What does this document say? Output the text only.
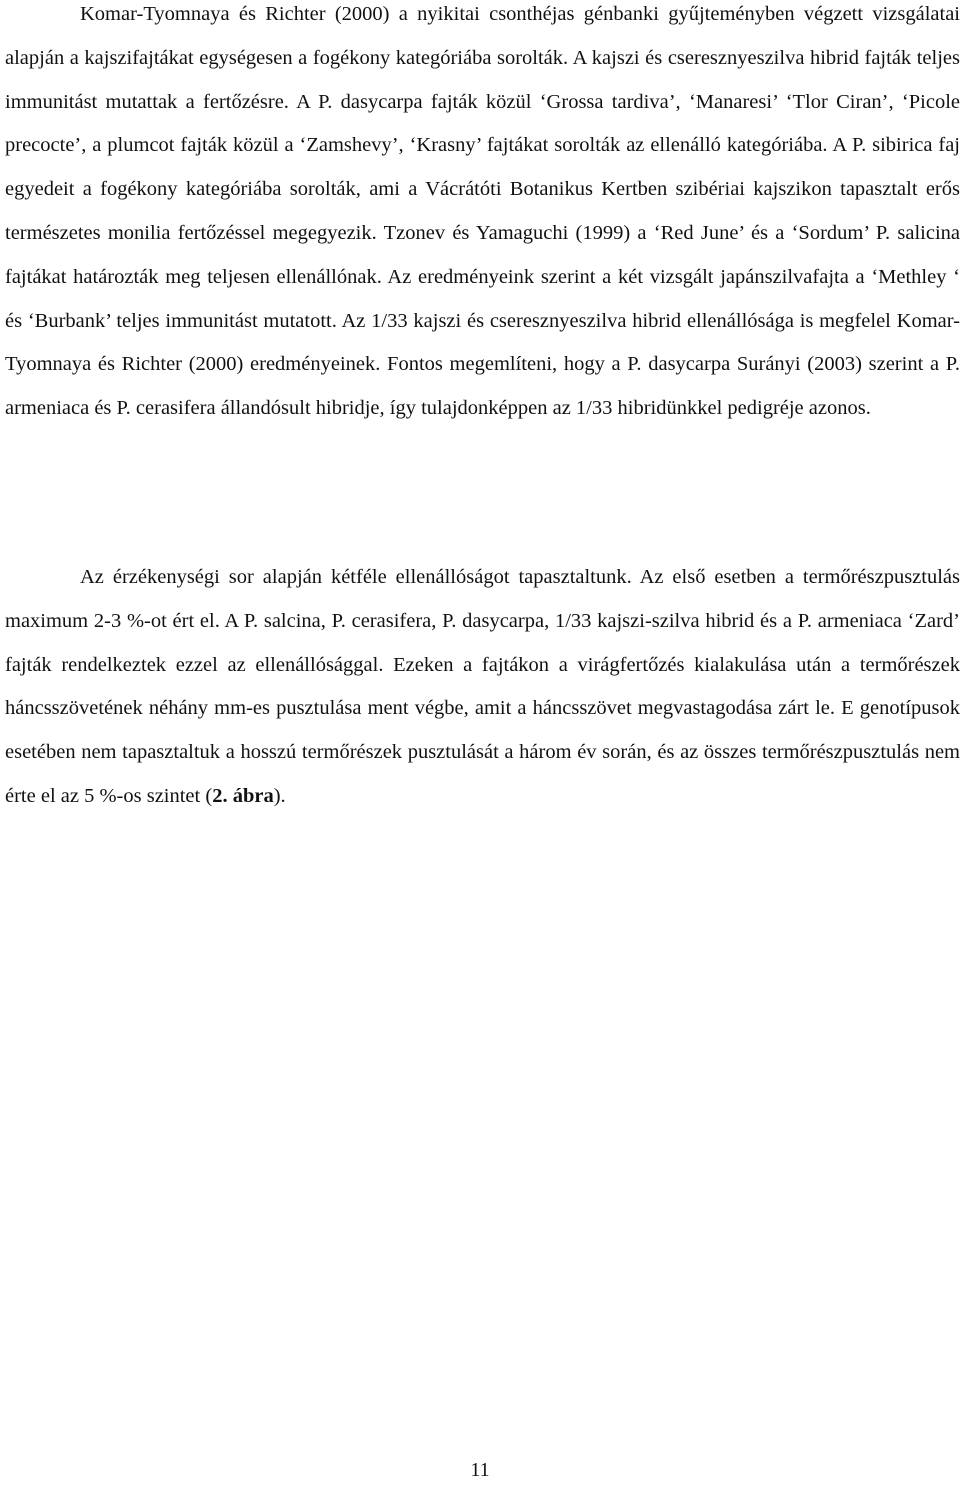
Komar-Tyomnaya és Richter (2000) a nyikitai csonthéjas génbanki gyűjteményben végzett vizsgálatai alapján a kajszifajtákat egységesen a fogékony kategóriába sorolták. A kajszi és cseresznyeszilva hibrid fajták teljes immunitást mutattak a fertőzésre. A P. dasycarpa fajták közül ‘Grossa tardiva’, ‘Manaresi’ ‘Tlor Ciran’, ‘Picole precocte’, a plumcot fajták közül a ‘Zamshevy’, ‘Krasny’ fajtákat sorolták az ellenálló kategóriába. A P. sibirica faj egyedeit a fogékony kategóriába sorolták, ami a Vácrátóti Botanikus Kertben szibériai kajszikon tapasztalt erős természetes monilia fertőzéssel megegyezik. Tzonev és Yamaguchi (1999) a ‘Red June’ és a ‘Sordum’ P. salicina fajtákat határozták meg teljesen ellenállónak. Az eredményeink szerint a két vizsgált japánszilvafajta a ‘Methley ‘ és ‘Burbank’ teljes immunitást mutatott. Az 1/33 kajszi és cseresznyeszilva hibrid ellenállósága is megfelel Komar-Tyomnaya és Richter (2000) eredményeinek. Fontos megemlíteni, hogy a P. dasycarpa Surányi (2003) szerint a P. armeniaca és P. cerasifera állandósult hibridje, így tulajdonképpen az 1/33 hibridünkkel pedigréje azonos.

Az érzékenységi sor alapján kétféle ellenállóságot tapasztaltunk. Az első esetben a termőrészpusztulás maximum 2-3 %-ot ért el. A P. salcina, P. cerasifera, P. dasycarpa, 1/33 kajszi-szilva hibrid és a P. armeniaca ‘Zard’ fajták rendelkeztek ezzel az ellenállósággal. Ezeken a fajtákon a virágfertőzés kialakulása után a termőrészek háncsszövetének néhány mm-es pusztulása ment végbe, amit a háncsszövet megvastagodása zárt le. E genotípusok esetében nem tapasztaltuk a hosszú termőrészek pusztulását a három év során, és az összes termőrészpusztulás nem érte el az 5 %-os szintet (2. ábra).

11
